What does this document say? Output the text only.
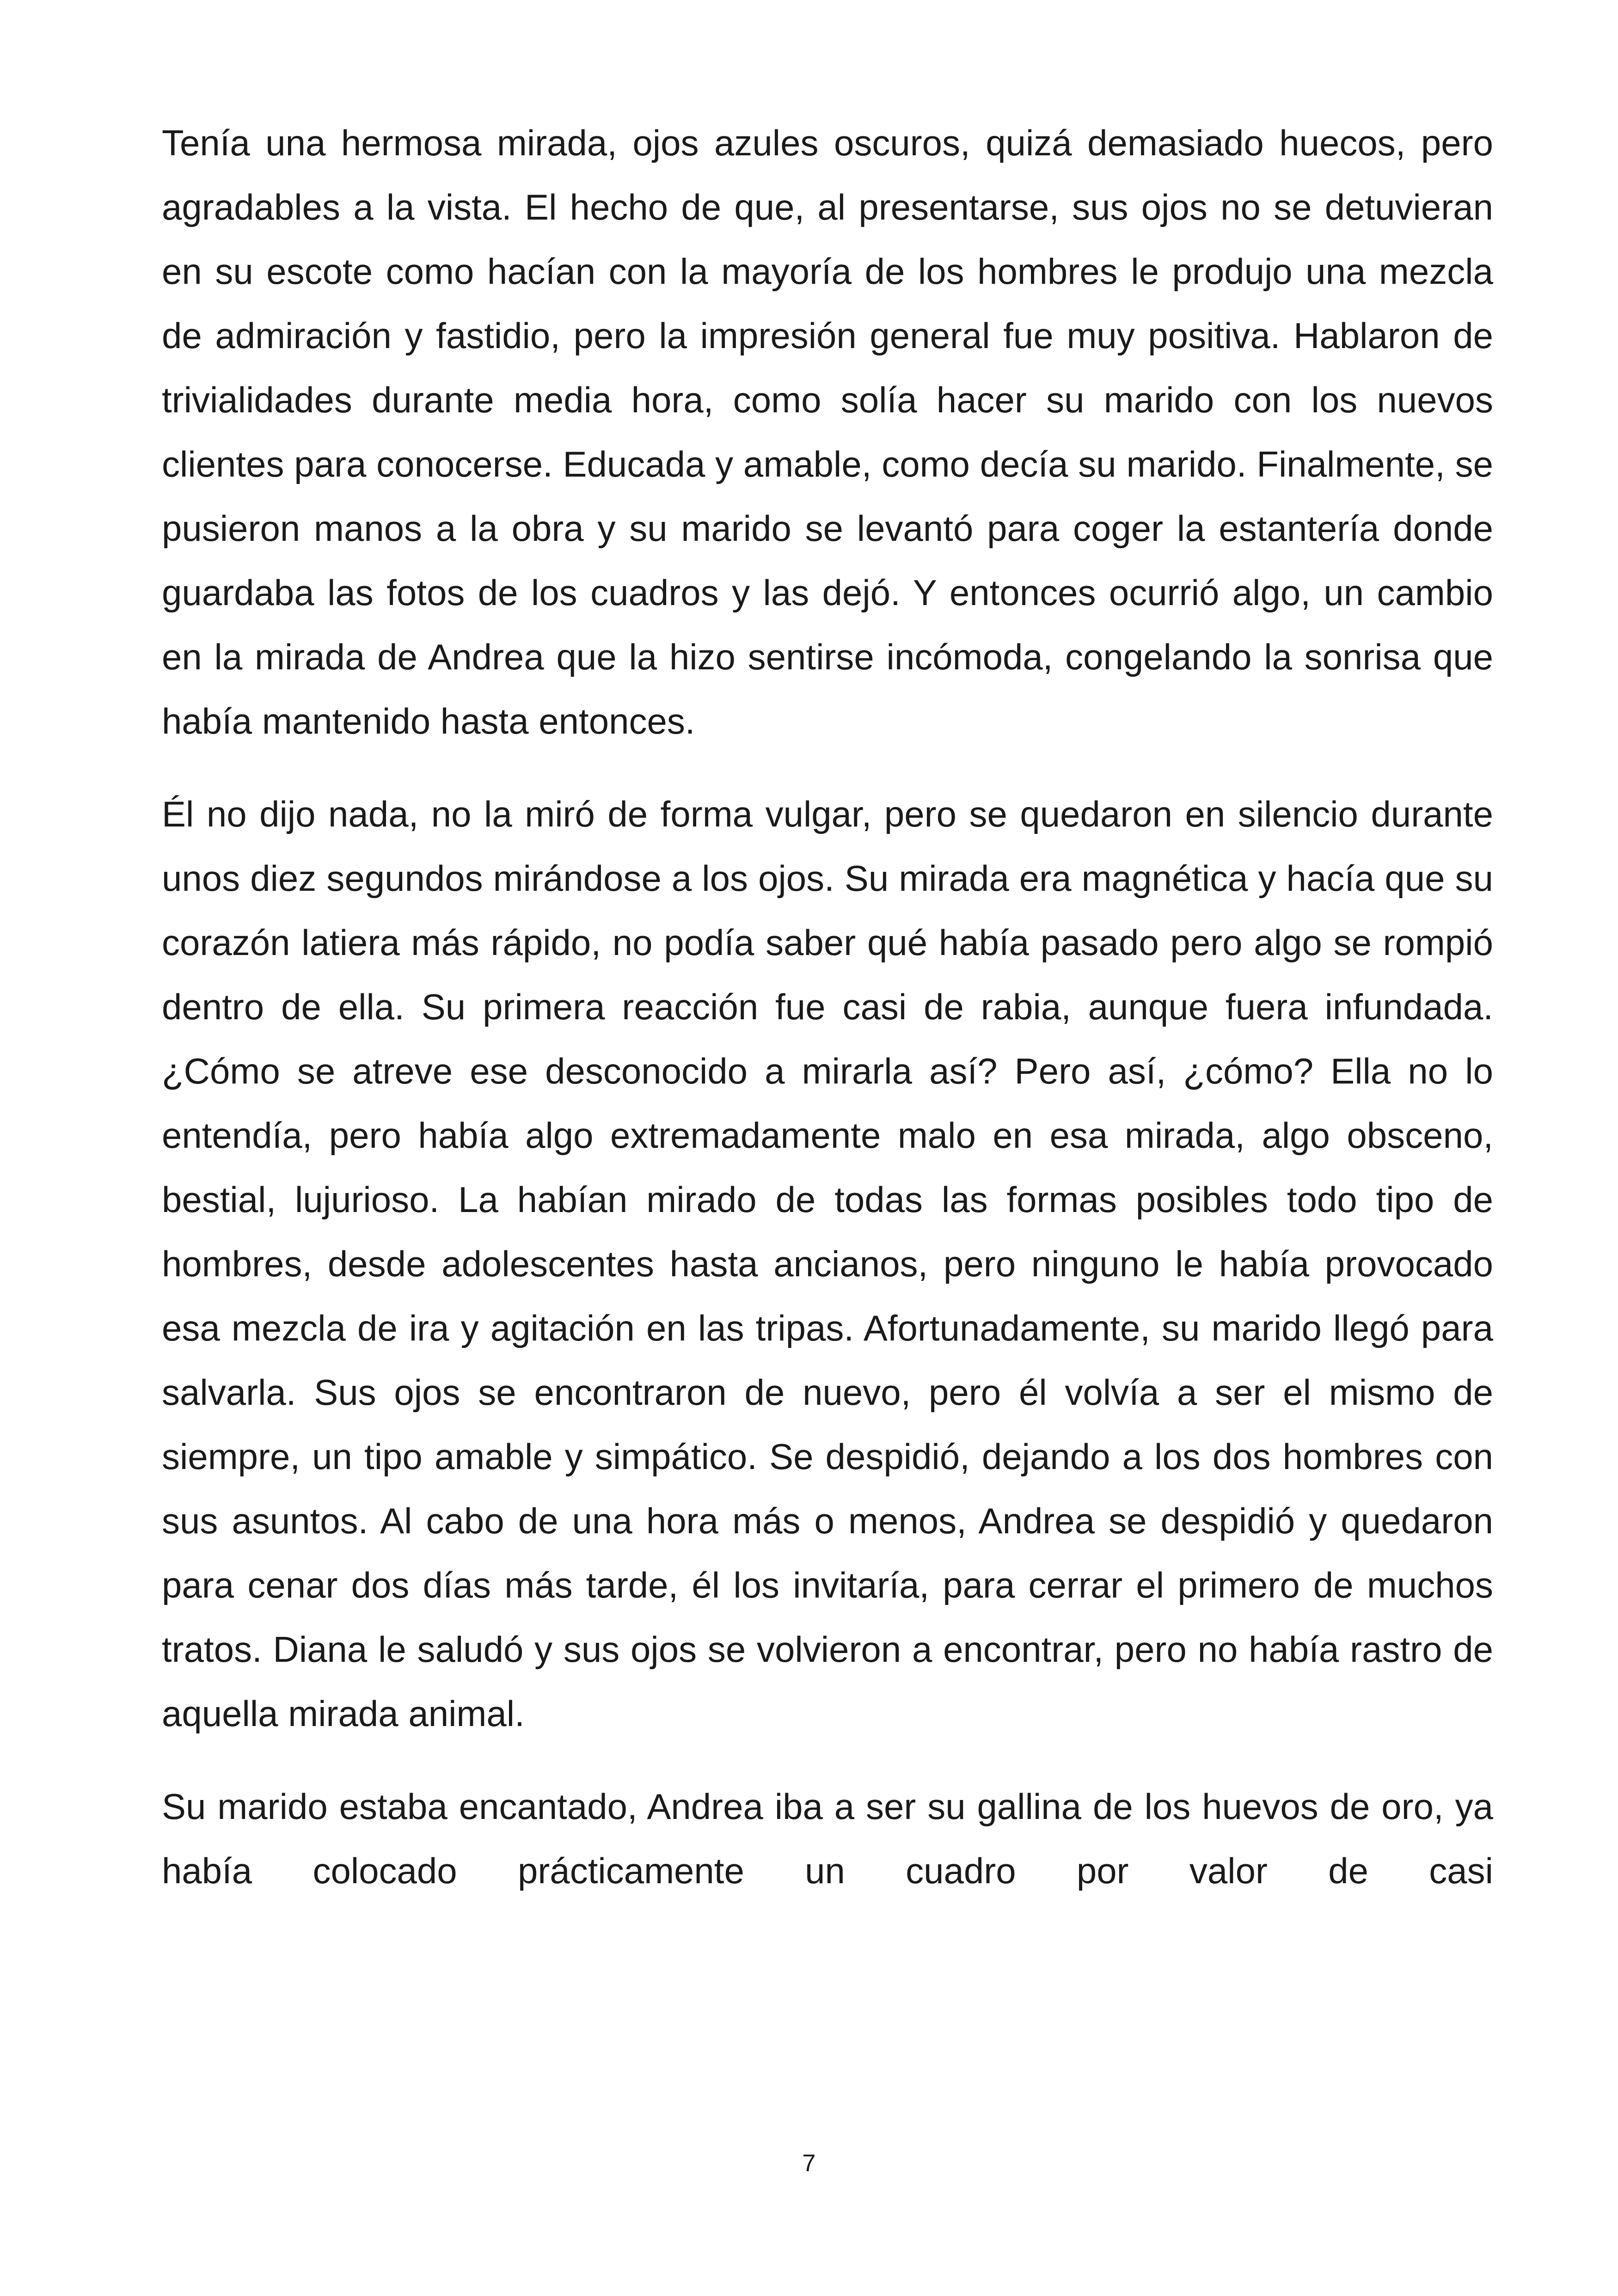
Tenía una hermosa mirada, ojos azules oscuros, quizá demasiado huecos, pero agradables a la vista. El hecho de que, al presentarse, sus ojos no se detuvieran en su escote como hacían con la mayoría de los hombres le produjo una mezcla de admiración y fastidio, pero la impresión general fue muy positiva. Hablaron de trivialidades durante media hora, como solía hacer su marido con los nuevos clientes para conocerse. Educada y amable, como decía su marido. Finalmente, se pusieron manos a la obra y su marido se levantó para coger la estantería donde guardaba las fotos de los cuadros y las dejó. Y entonces ocurrió algo, un cambio en la mirada de Andrea que la hizo sentirse incómoda, congelando la sonrisa que había mantenido hasta entonces.

Él no dijo nada, no la miró de forma vulgar, pero se quedaron en silencio durante unos diez segundos mirándose a los ojos. Su mirada era magnética y hacía que su corazón latiera más rápido, no podía saber qué había pasado pero algo se rompió dentro de ella. Su primera reacción fue casi de rabia, aunque fuera infundada. ¿Cómo se atreve ese desconocido a mirarla así? Pero así, ¿cómo? Ella no lo entendía, pero había algo extremadamente malo en esa mirada, algo obsceno, bestial, lujurioso. La habían mirado de todas las formas posibles todo tipo de hombres, desde adolescentes hasta ancianos, pero ninguno le había provocado esa mezcla de ira y agitación en las tripas. Afortunadamente, su marido llegó para salvarla. Sus ojos se encontraron de nuevo, pero él volvía a ser el mismo de siempre, un tipo amable y simpático. Se despidió, dejando a los dos hombres con sus asuntos. Al cabo de una hora más o menos, Andrea se despidió y quedaron para cenar dos días más tarde, él los invitaría, para cerrar el primero de muchos tratos. Diana le saludó y sus ojos se volvieron a encontrar, pero no había rastro de aquella mirada animal.

Su marido estaba encantado, Andrea iba a ser su gallina de los huevos de oro, ya había colocado prácticamente un cuadro por valor de casi

7
